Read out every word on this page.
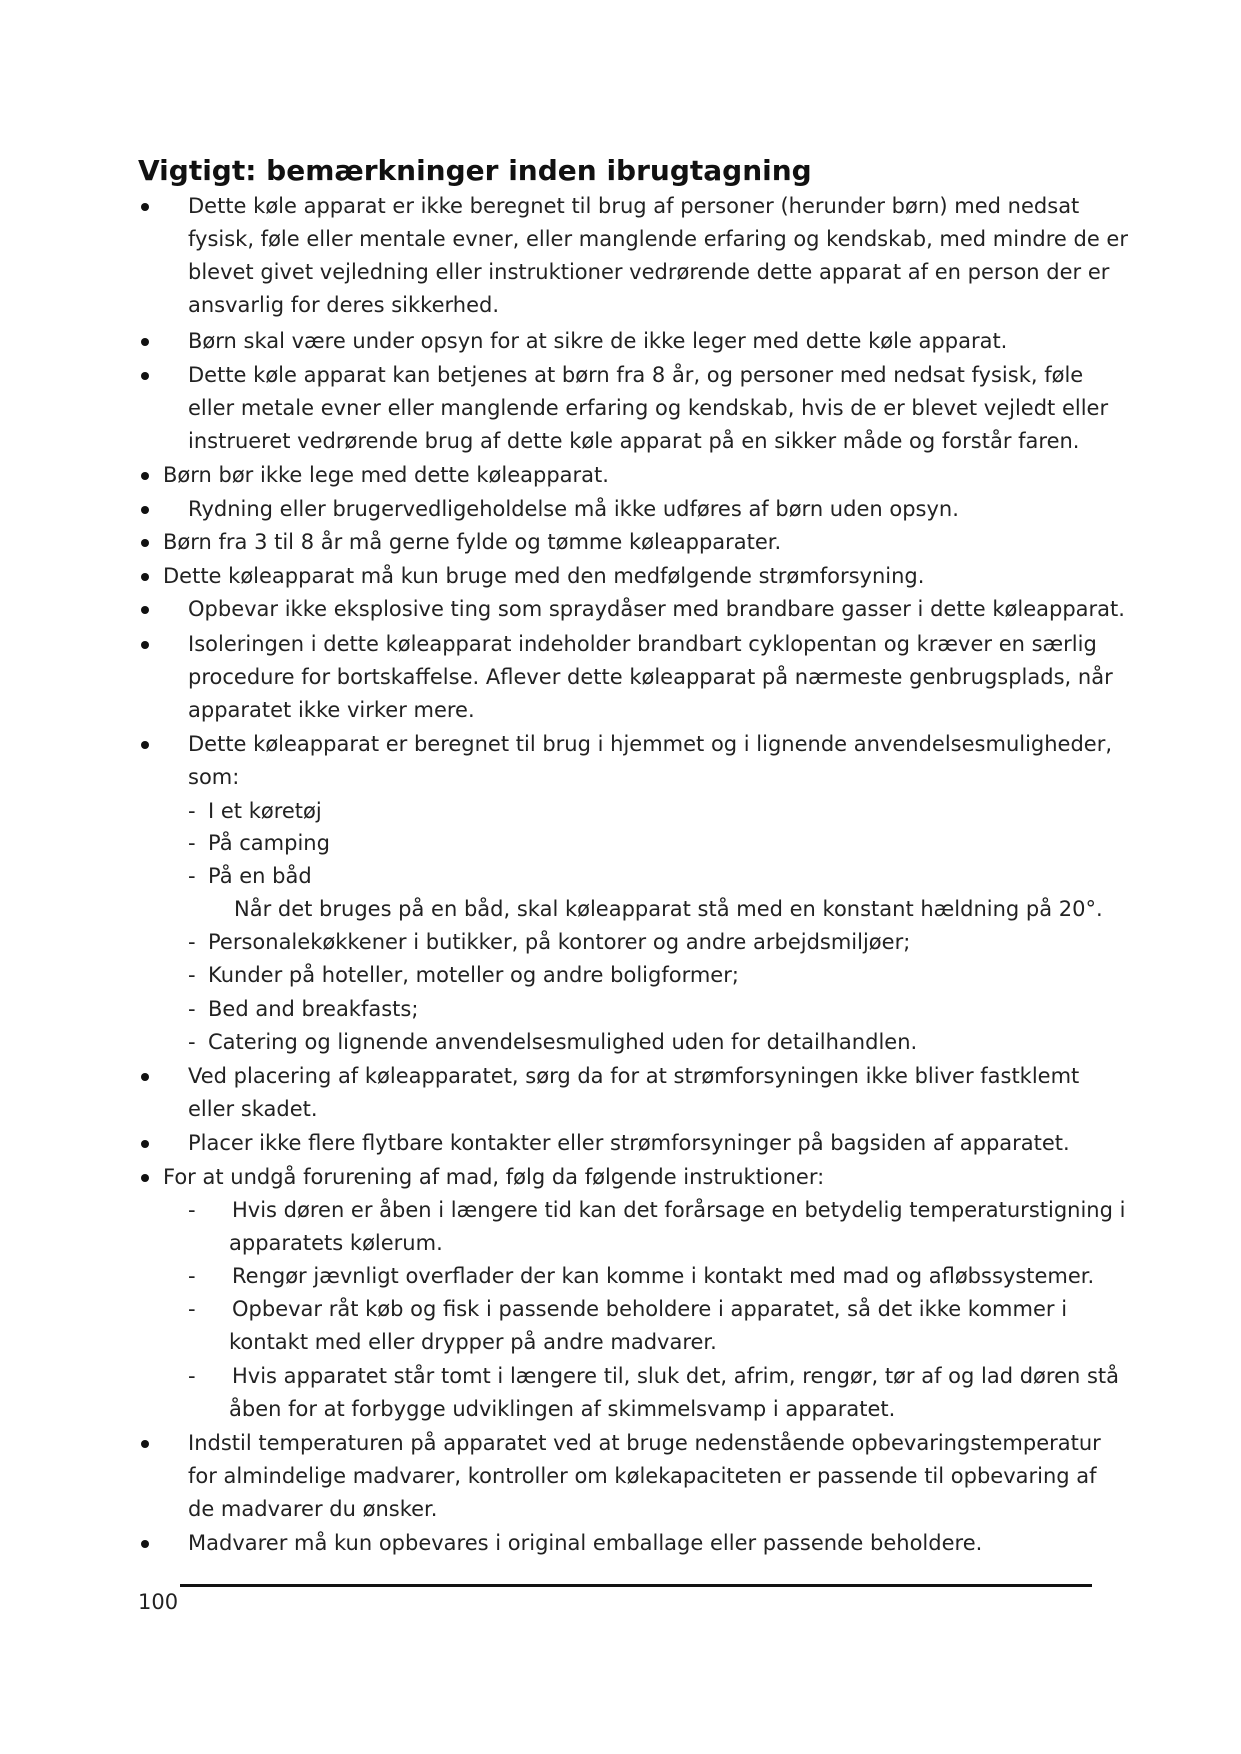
Vigtigt: bemærkninger inden ibrugtagning
Dette køle apparat er ikke beregnet til brug af personer (herunder børn) med nedsat
fysisk, føle eller mentale evner, eller manglende erfaring og kendskab, med mindre de er
blevet givet vejledning eller instruktioner vedrørende dette apparat af en person der er
ansvarlig for deres sikkerhed.
Børn skal være under opsyn for at sikre de ikke leger med dette køle apparat.
Dette køle apparat kan betjenes at børn fra 8 år, og personer med nedsat fysisk, føle
eller metale evner eller manglende erfaring og kendskab, hvis de er blevet vejledt eller
instrueret vedrørende brug af dette køle apparat på en sikker måde og forstår faren.
Børn bør ikke lege med dette køleapparat.
Rydning eller brugervedligeholdelse må ikke udføres af børn uden opsyn.
Børn fra 3 til 8 år må gerne fylde og tømme køleapparater.
Dette køleapparat må kun bruge med den medfølgende strømforsyning.
Opbevar ikke eksplosive ting som spraydåser med brandbare gasser i dette køleapparat.
Isoleringen i dette køleapparat indeholder brandbart cyklopentan og kræver en særlig
procedure for bortskaffelse. Aflever dette køleapparat på nærmeste genbrugsplads, når
apparatet ikke virker mere.
Dette køleapparat er beregnet til brug i hjemmet og i lignende anvendelsesmuligheder,
som:
- I et køretøj
- På camping
- På en båd
Når det bruges på en båd, skal køleapparat stå med en konstant hældning på 20°.
- Personalekøkkener i butikker, på kontorer og andre arbejdsmiljøer;
- Kunder på hoteller, moteller og andre boligformer;
- Bed and breakfasts;
- Catering og lignende anvendelsesmulighed uden for detailhandlen.
Ved placering af køleapparatet, sørg da for at strømforsyningen ikke bliver fastklemt
eller skadet.
Placer ikke flere flytbare kontakter eller strømforsyninger på bagsiden af apparatet.
For at undgå forurening af mad, følg da følgende instruktioner:
- Hvis døren er åben i længere tid kan det forårsage en betydelig temperaturstigning i
apparatets kølerum.
- Rengør jævnligt overflader der kan komme i kontakt med mad og afløbssystemer.
- Opbevar råt køb og fisk i passende beholdere i apparatet, så det ikke kommer i
kontakt med eller drypper på andre madvarer.
- Hvis apparatet står tomt i længere til, sluk det, afrim, rengør, tør af og lad døren stå
åben for at forbygge udviklingen af skimmelsvamp i apparatet.
Indstil temperaturen på apparatet ved at bruge nedenstående opbevaringstemperatur
for almindelige madvarer, kontroller om kølekapaciteten er passende til opbevaring af
de madvarer du ønsker.
Madvarer må kun opbevares i original emballage eller passende beholdere.
100
